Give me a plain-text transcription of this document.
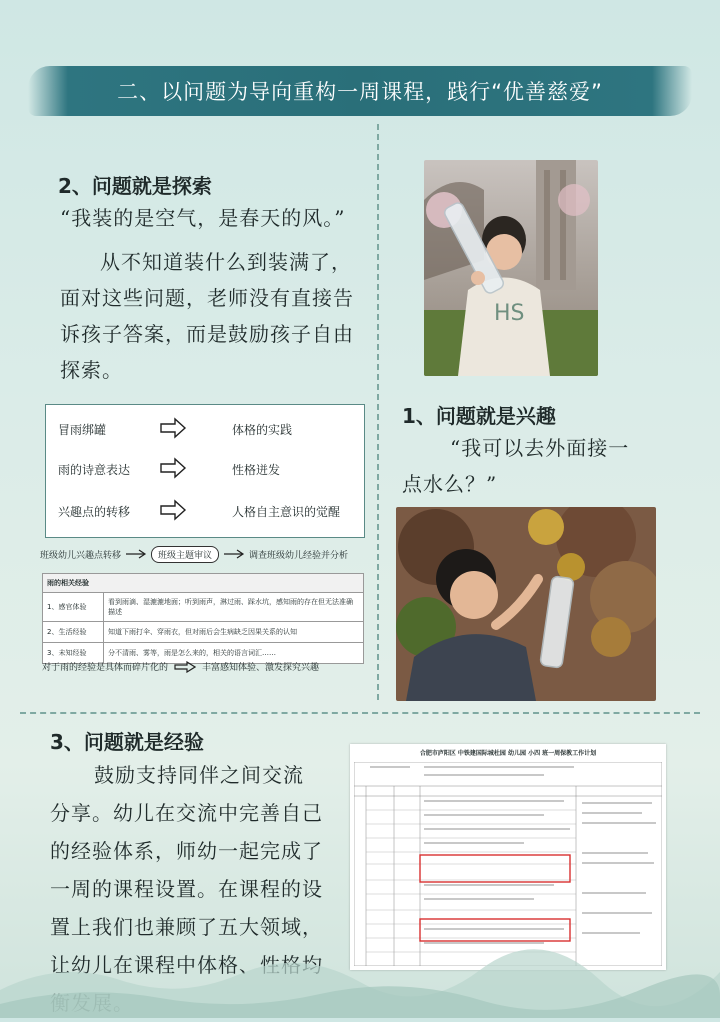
二、以问题为导向重构一周课程，践行“优善慈爱”
2、问题就是探索
“我装的是空气，是春天的风。”
从不知道装什么到装满了，
面对这些问题，老师没有直接告
诉孩子答案，而是鼓励孩子自由
探索。
HS
冒雨绑罐	体格的实践
雨的诗意表达	性格迸发
兴趣点的转移	人格自主意识的觉醒
班级幼儿兴趣点转移	班级主题审议	调查班级幼儿经验并分析
雨的相关经验	
1、感官体验	看到雨滴、湿漉漉地面；听到雨声，淋过雨、踩水坑，感知雨的存在但无法准确描述
2、生活经验	知道下雨打伞、穿雨衣，但对雨后会生病缺乏因果关系的认知
3、未知经验	分不清雨、雾等，雨是怎么来的，相关的语言词汇……
对于雨的经验是具体而碎片化的	丰富感知体验、激发探究兴趣
1、问题就是兴趣
“我可以去外面接一
点水么？”
3、问题就是经验
鼓励支持同伴之间交流
分享。幼儿在交流中完善自己
的经验体系，师幼一起完成了
一周的课程设置。在课程的设
置上我们也兼顾了五大领域，
让幼儿在课程中体格、性格均
合肥市庐阳区 中铁建国际城杜园 幼儿园 小四 班一周保教工作计划
